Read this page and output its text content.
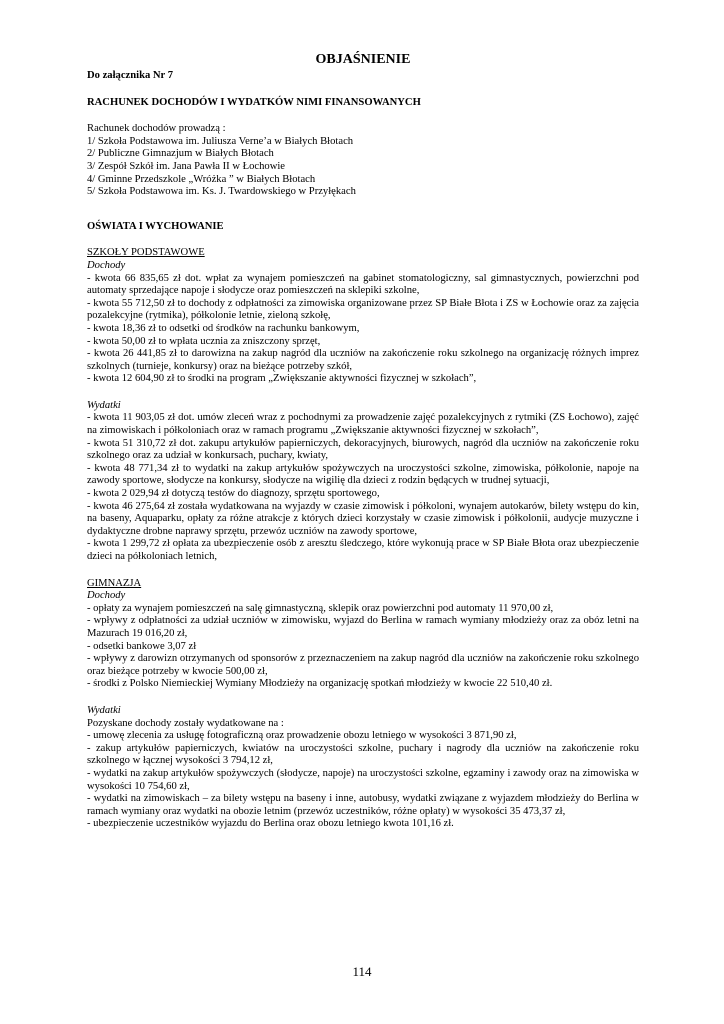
OBJAŚNIENIE
Do załącznika Nr 7
RACHUNEK DOCHODÓW I WYDATKÓW NIMI FINANSOWANYCH
Rachunek dochodów prowadzą :
1/ Szkoła Podstawowa im. Juliusza Verne’a w Białych Błotach
2/ Publiczne Gimnazjum w Białych Błotach
3/ Zespół Szkół im. Jana Pawła II w Łochowie
4/ Gminne Przedszkole „Wróżka ” w Białych Błotach
5/ Szkoła Podstawowa im. Ks. J. Twardowskiego w Przyłękach
OŚWIATA I WYCHOWANIE
SZKOŁY PODSTAWOWE
Dochody
- kwota 66 835,65 zł dot. wpłat za wynajem pomieszczeń na gabinet stomatologiczny, sal gimnastycznych, powierzchni pod automaty sprzedające napoje i słodycze oraz pomieszczeń na sklepiki szkolne,
- kwota 55 712,50 zł to dochody z odpłatności za zimowiska organizowane przez SP Białe Błota i ZS w Łochowie oraz za zajęcia pozalekcyjne (rytmika), półkolonie letnie, zieloną szkołę,
- kwota 18,36 zł to odsetki od środków na rachunku bankowym,
- kwota 50,00 zł to wpłata ucznia za zniszczony sprzęt,
- kwota 26 441,85 zł to darowizna na zakup nagród dla uczniów na zakończenie roku szkolnego na organizację różnych imprez szkolnych (turnieje, konkursy) oraz na bieżące potrzeby szkół,
- kwota 12 604,90 zł to środki na program „Zwiększanie aktywności fizycznej w szkołach”,
Wydatki
- kwota 11 903,05 zł dot. umów zleceń wraz z pochodnymi za prowadzenie zajęć pozalekcyjnych z rytmiki (ZS Łochowo), zajęć na zimowiskach i półkoloniach oraz w ramach programu „Zwiększanie aktywności fizycznej w szkołach”,
- kwota 51 310,72 zł dot. zakupu artykułów papierniczych, dekoracyjnych, biurowych, nagród dla uczniów na zakończenie roku szkolnego oraz za udział w konkursach, puchary, kwiaty,
- kwota 48 771,34 zł to wydatki na zakup artykułów spożywczych na uroczystości szkolne, zimowiska, półkolonie, napoje na zawody sportowe, słodycze na konkursy, słodycze na wigilię dla dzieci z rodzin będących w trudnej sytuacji,
- kwota 2 029,94 zł dotyczą testów do diagnozy, sprzętu sportowego,
- kwota 46 275,64 zł została wydatkowana na wyjazdy w czasie zimowisk i półkoloni, wynajem autokarów, bilety wstępu do kin, na baseny, Aquaparku, opłaty za różne atrakcje z których dzieci korzystały w czasie zimowisk i półkolonii, audycje muzyczne i dydaktyczne drobne naprawy sprzętu, przewóz uczniów na zawody sportowe,
- kwota 1 299,72 zł opłata za ubezpieczenie osób z aresztu śledczego, które wykonują prace w SP Białe Błota oraz ubezpieczenie dzieci na półkoloniach letnich,
GIMNAZJA
Dochody
- opłaty za wynajem pomieszczeń na salę gimnastyczną, sklepik oraz powierzchni pod automaty 11 970,00 zł,
- wpływy z odpłatności za udział uczniów w zimowisku, wyjazd do Berlina w ramach wymiany młodzieży oraz za obóz letni na Mazurach 19 016,20 zł,
- odsetki bankowe 3,07 zł
- wpływy z darowizn otrzymanych od sponsorów z przeznaczeniem na zakup nagród dla uczniów na zakończenie roku szkolnego oraz bieżące potrzeby w kwocie 500,00 zł,
- środki z Polsko Niemieckiej Wymiany Młodzieży na organizację spotkań młodzieży w kwocie 22 510,40 zł.
Wydatki
Pozyskane dochody zostały wydatkowane na :
- umowę zlecenia za usługę fotograficzną oraz prowadzenie obozu letniego w wysokości 3 871,90 zł,
- zakup artykułów papierniczych, kwiatów na uroczystości szkolne, puchary i nagrody dla uczniów na zakończenie roku szkolnego w łącznej wysokości 3 794,12 zł,
- wydatki na zakup artykułów spożywczych (słodycze, napoje) na uroczystości szkolne, egzaminy i zawody oraz na zimowiska w wysokości 10 754,60 zł,
- wydatki na zimowiskach – za bilety wstępu na baseny i inne, autobusy, wydatki związane z wyjazdem młodzieży do Berlina w ramach wymiany oraz wydatki na obozie letnim (przewóz uczestników, różne opłaty) w wysokości 35 473,37 zł,
- ubezpieczenie uczestników wyjazdu do Berlina oraz obozu letniego kwota 101,16 zł.
114
